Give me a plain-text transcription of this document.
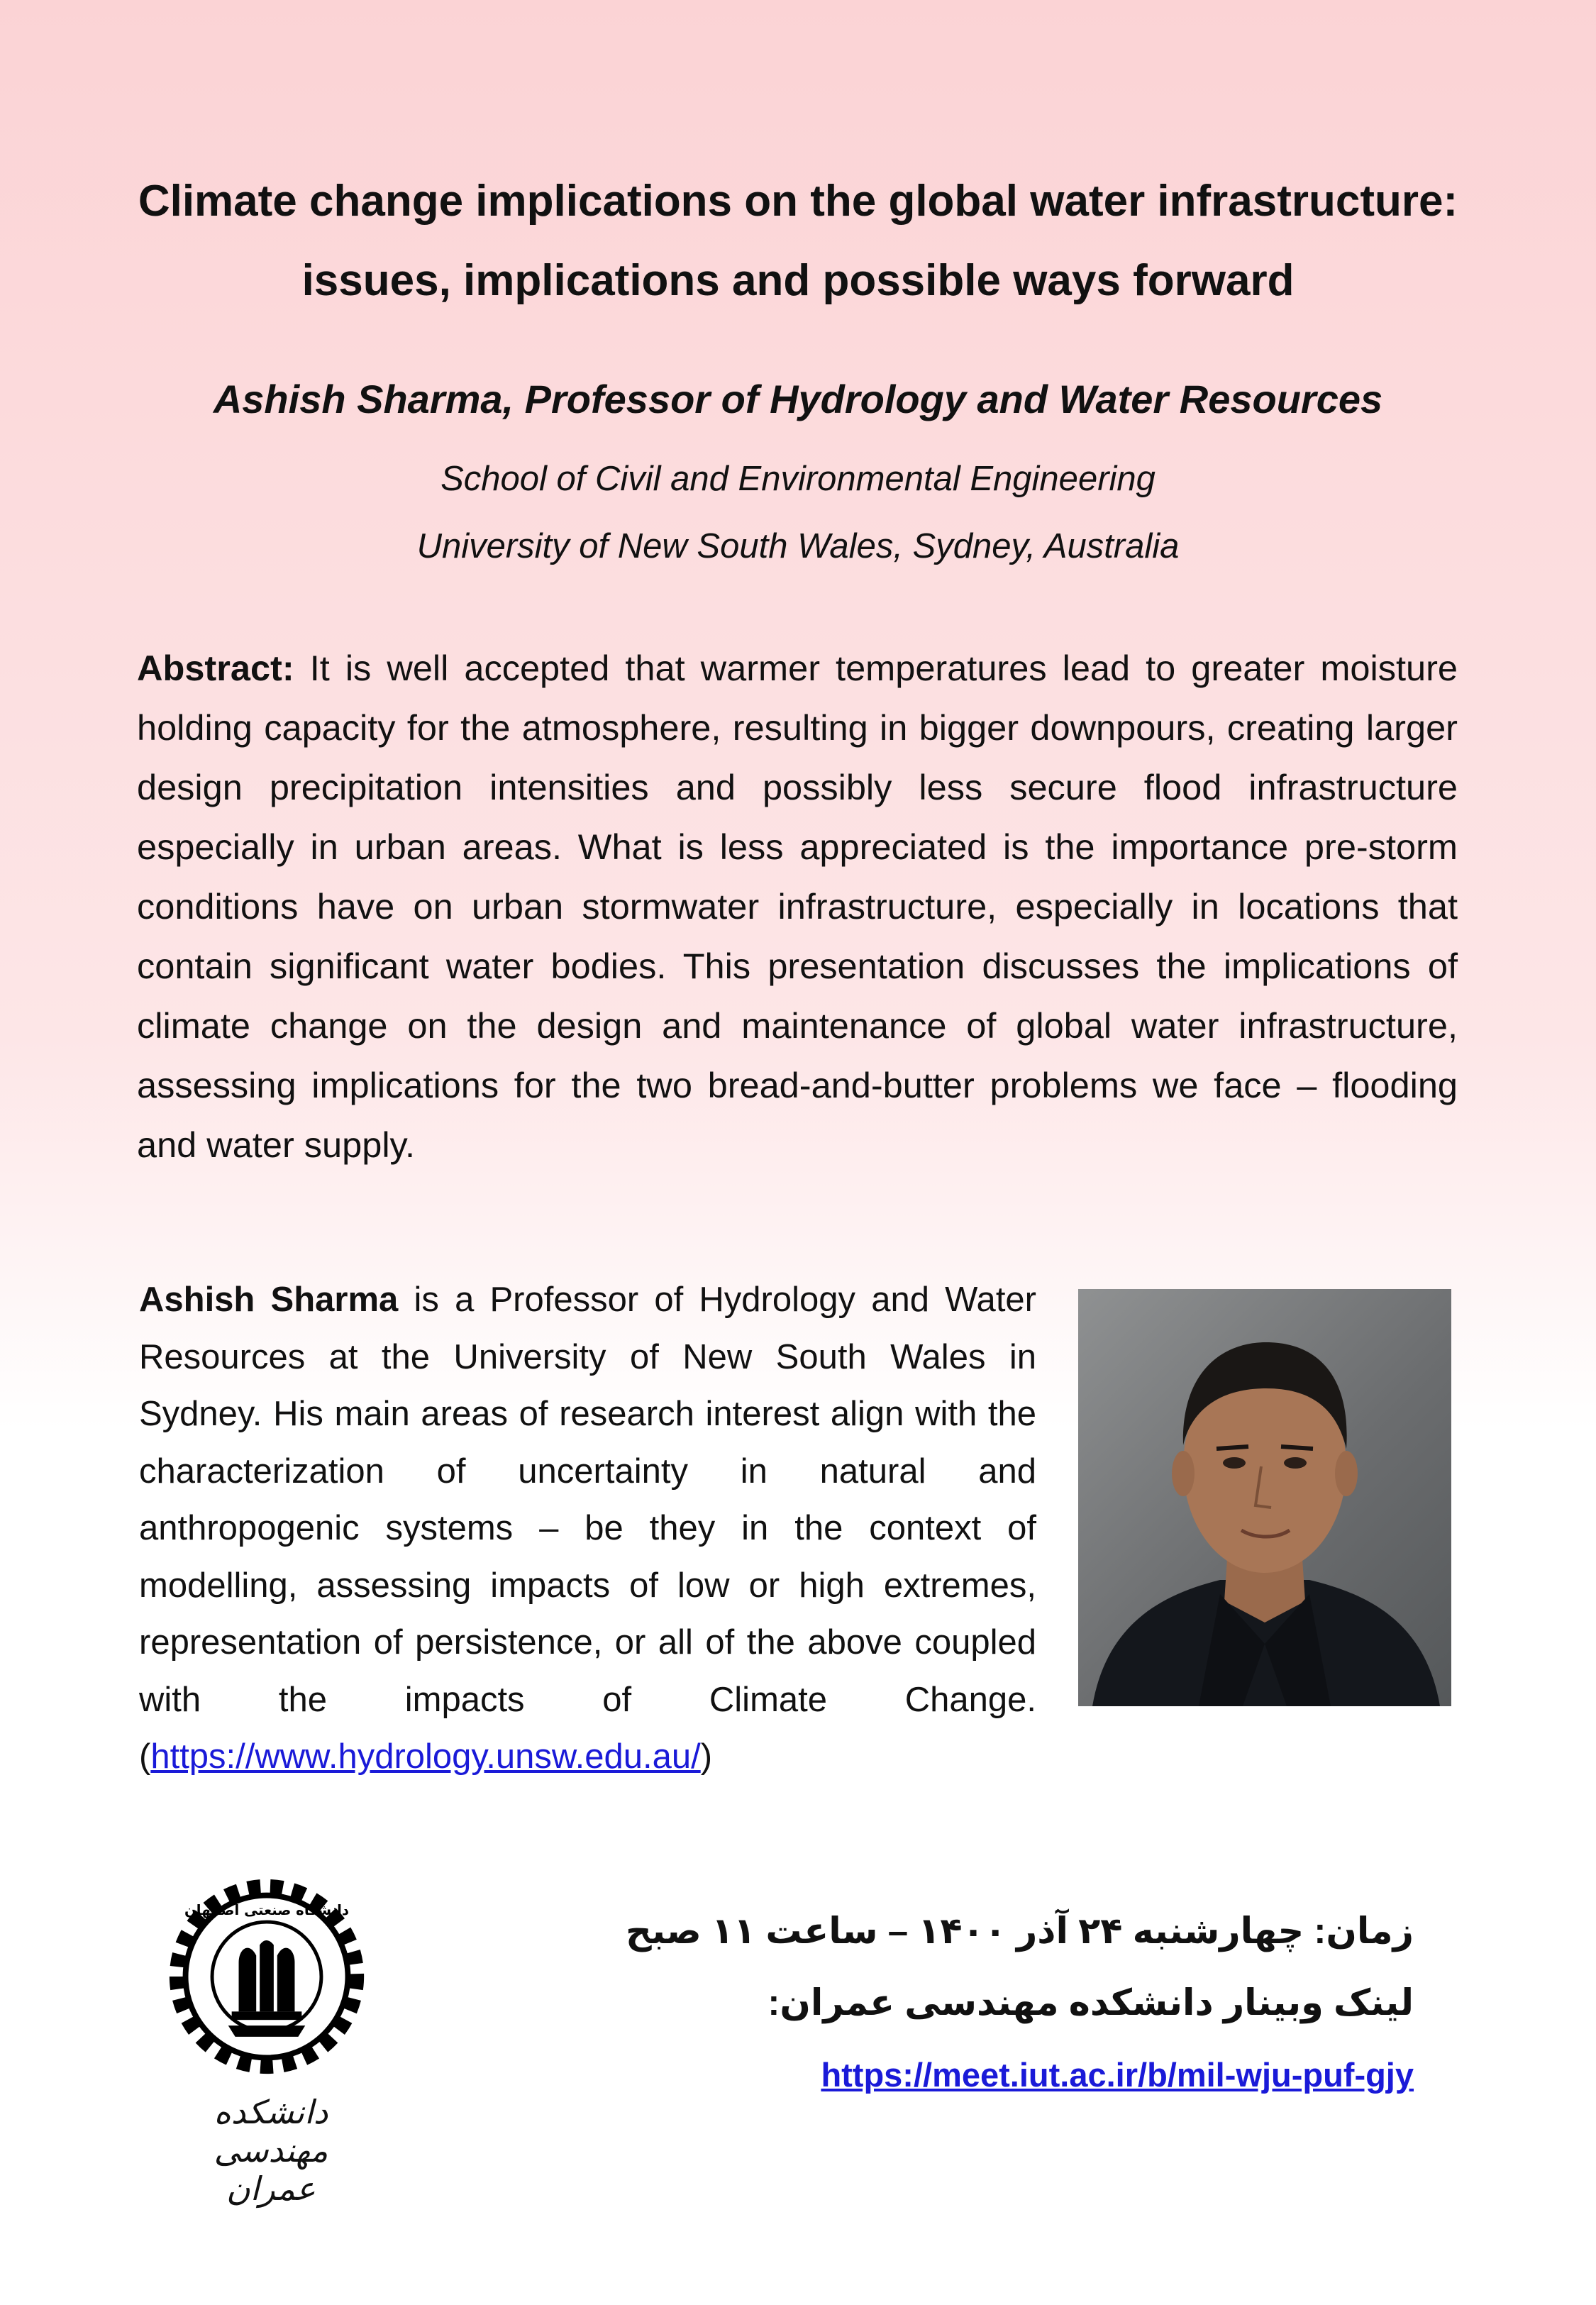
Climate change implications on the global water infrastructure:
issues, implications and possible ways forward

Ashish Sharma, Professor of Hydrology and Water Resources

School of Civil and Environmental Engineering

University of New South Wales, Sydney, Australia

Abstract: It is well accepted that warmer temperatures lead to greater moisture holding capacity for the atmosphere, resulting in bigger downpours, creating larger design precipitation intensities and possibly less secure flood infrastructure especially in urban areas. What is less appreciated is the importance pre-storm conditions have on urban stormwater infrastructure, especially in locations that contain significant water bodies. This presentation discusses the implications of climate change on the design and maintenance of global water infrastructure, assessing implications for the two bread-and-butter problems we face – flooding and water supply.

Ashish Sharma is a Professor of Hydrology and Water Resources at the University of New South Wales in Sydney. His main areas of research interest align with the characterization of uncertainty in natural and anthropogenic systems – be they in the context of modelling, assessing impacts of low or high extremes, representation of persistence, or all of the above coupled with the impacts of Climate Change. (https://www.hydrology.unsw.edu.au/)

دانشگاه صنعتی اصفهان
دانشکده مهندسی عمران

زمان: چهارشنبه ۲۴ آذر ۱۴۰۰ – ساعت ۱۱ صبح

لینک وبینار دانشکده مهندسی عمران:

https://meet.iut.ac.ir/b/mil-wju-puf-gjy
